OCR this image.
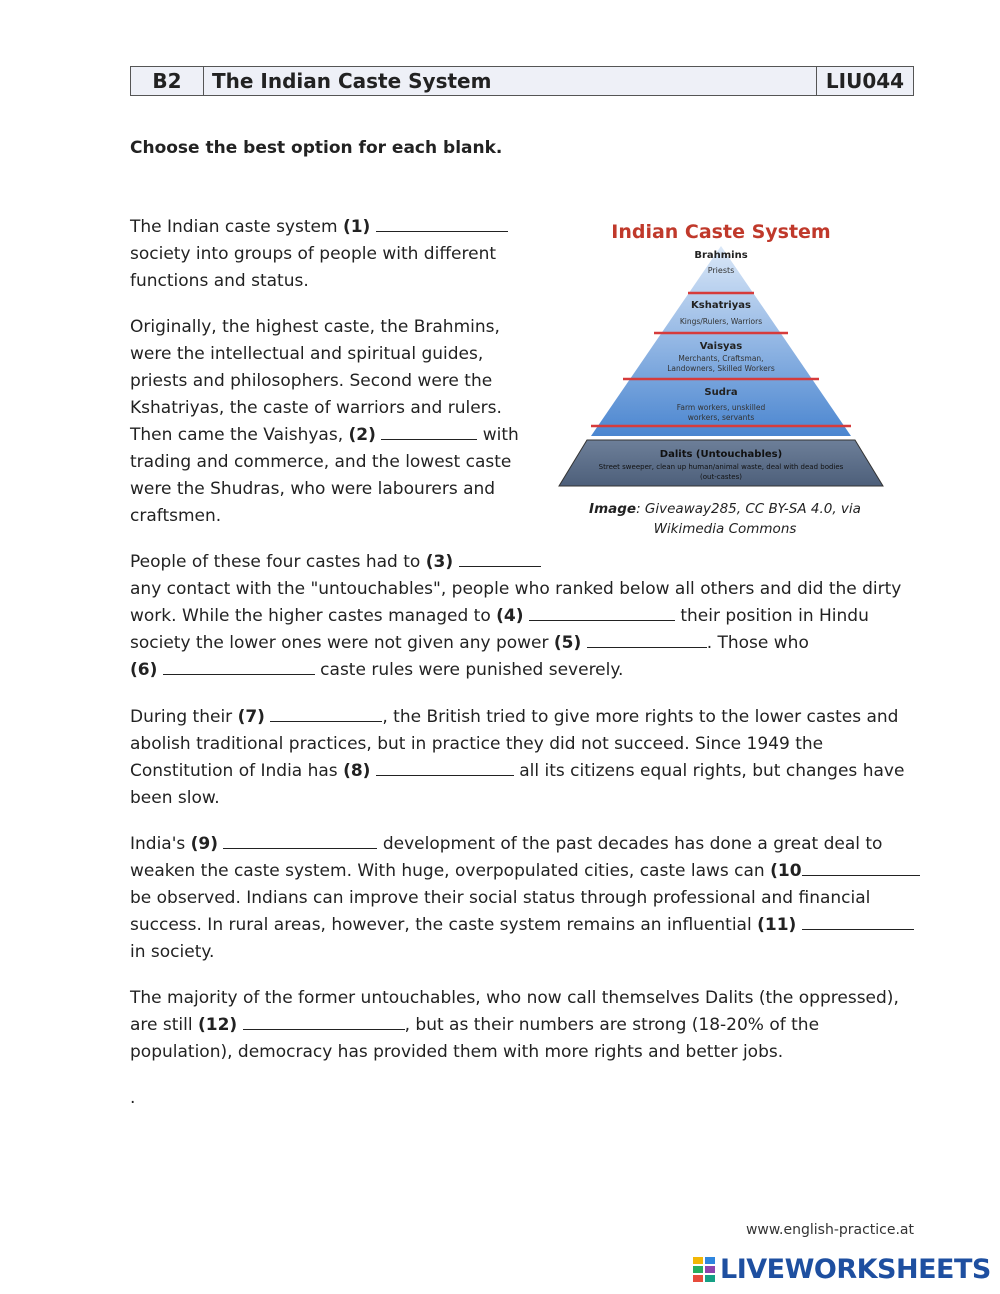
B2	The Indian Caste System	LIU044
Choose the best option for each blank.

The Indian caste system (1)
society into groups of people with different
functions and status.

Originally, the highest caste, the Brahmins,
were the intellectual and spiritual guides,
priests and philosophers. Second were the
Kshatriyas, the caste of warriors and rulers.
Then came the Vaishyas, (2)	with
trading and commerce, and the lowest caste
were the Shudras, who were labourers and
craftsmen.

Indian Caste System
Brahmins
Priests
Kshatriyas
Kings/Rulers, Warriors
Vaisyas
Merchants, Craftsman,
Landowners, Skilled Workers
Sudra
Farm workers, unskilled
workers, servants
Dalits (Untouchables)
Street sweeper, clean up human/animal waste, deal with dead bodies
(out-castes)
Image: Giveaway285, CC BY-SA 4.0, via
Wikimedia Commons

People of these four castes had to (3)
any contact with the "untouchables", people who ranked below all others and did the dirty
work. While the higher castes managed to (4)	their position in Hindu
society the lower ones were not given any power (5)	. Those who
(6)	caste rules were punished severely.

During their (7)	, the British tried to give more rights to the lower castes and
abolish traditional practices, but in practice they did not succeed. Since 1949 the
Constitution of India has (8)	all its citizens equal rights, but changes have
been slow.

India's (9)	development of the past decades has done a great deal to
weaken the caste system. With huge, overpopulated cities, caste laws can (10
be observed. Indians can improve their social status through professional and financial
success. In rural areas, however, the caste system remains an influential (11)
in society.

The majority of the former untouchables, who now call themselves Dalits (the oppressed),
are still (12)	, but as their numbers are strong (18-20% of the
population), democracy has provided them with more rights and better jobs.

.

www.english-practice.at
LIVEWORKSHEETS
